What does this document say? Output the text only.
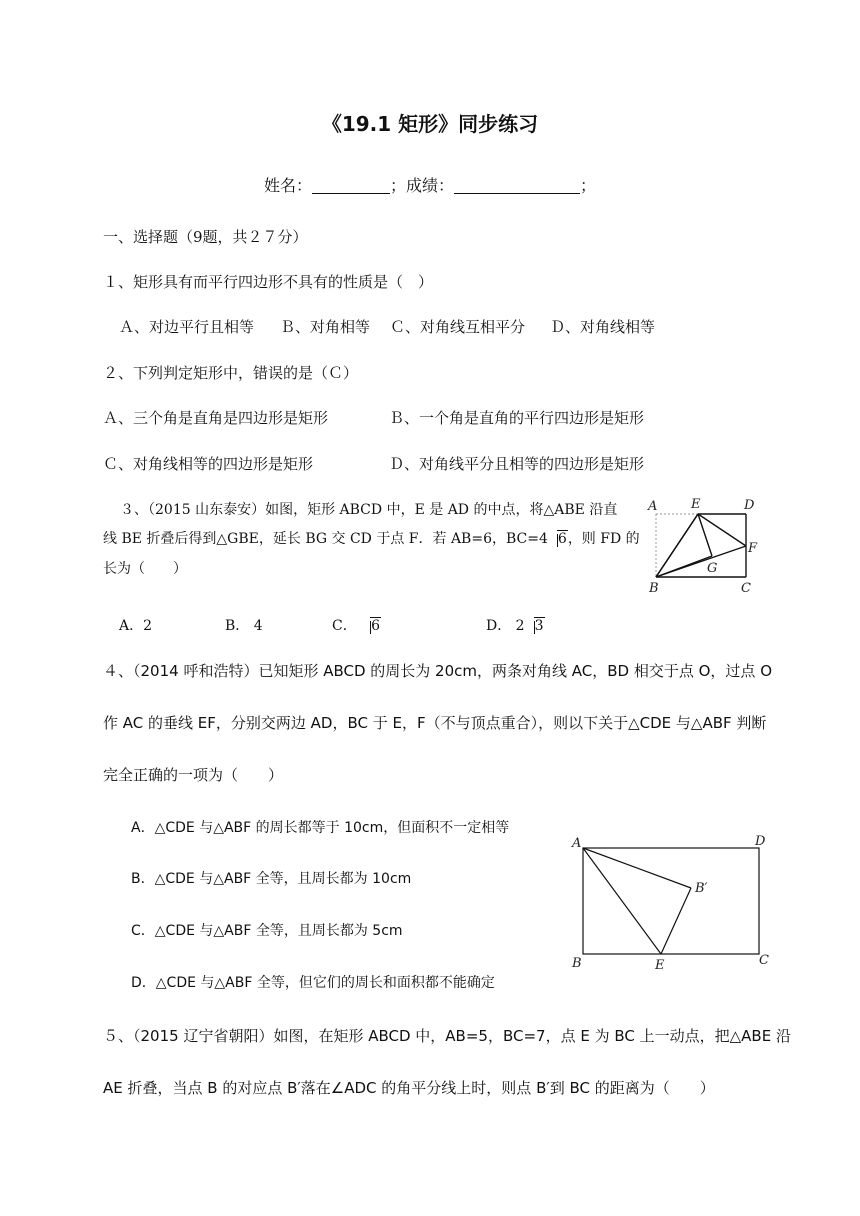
《19.1 矩形》同步练习
姓名：	；成绩：	；
一、选择题（9题，共２７分）
１、矩形具有而平行四边形不具有的性质是（　）
Ａ、对边平行且相等 Ｂ、对角相等 Ｃ、对角线互相平分 Ｄ、对角线相等
２、下列判定矩形中，错误的是（Ｃ）
Ａ、三个角是直角是四边形是矩形	Ｂ、一个角是直角的平行四边形是矩形
Ｃ、对角线相等的四边形是矩形	Ｄ、对角线平分且相等的四边形是矩形
３、（2015 山东泰安）如图，矩形 ABCD 中，E 是 AD 的中点，将△ABE 沿直
线 BE 折叠后得到△GBE，延长 BG 交 CD 于点 F．若 AB=6，BC=4 6，则 FD 的
长为（　　）
A	E	D
F
G
B	C
A．2	B． 4	C． 6	D． 2 3
４、（2014 呼和浩特）已知矩形 ABCD 的周长为 20cm，两条对角线 AC，BD 相交于点 O，过点 O
作 AC 的垂线 EF，分别交两边 AD，BC 于 E，F（不与顶点重合），则以下关于△CDE 与△ABF 判断
完全正确的一项为（　　）
A．△CDE 与△ABF 的周长都等于 10cm，但面积不一定相等
B．△CDE 与△ABF 全等，且周长都为 10cm
C．△CDE 与△ABF 全等，且周长都为 5cm
D．△CDE 与△ABF 全等，但它们的周长和面积都不能确定
A	D
B′
B	E	C
５、（2015 辽宁省朝阳）如图，在矩形 ABCD 中，AB=5，BC=7，点 E 为 BC 上一动点，把△ABE 沿
AE 折叠，当点 B 的对应点 B′落在∠ADC 的角平分线上时，则点 B′到 BC 的距离为（　　）
